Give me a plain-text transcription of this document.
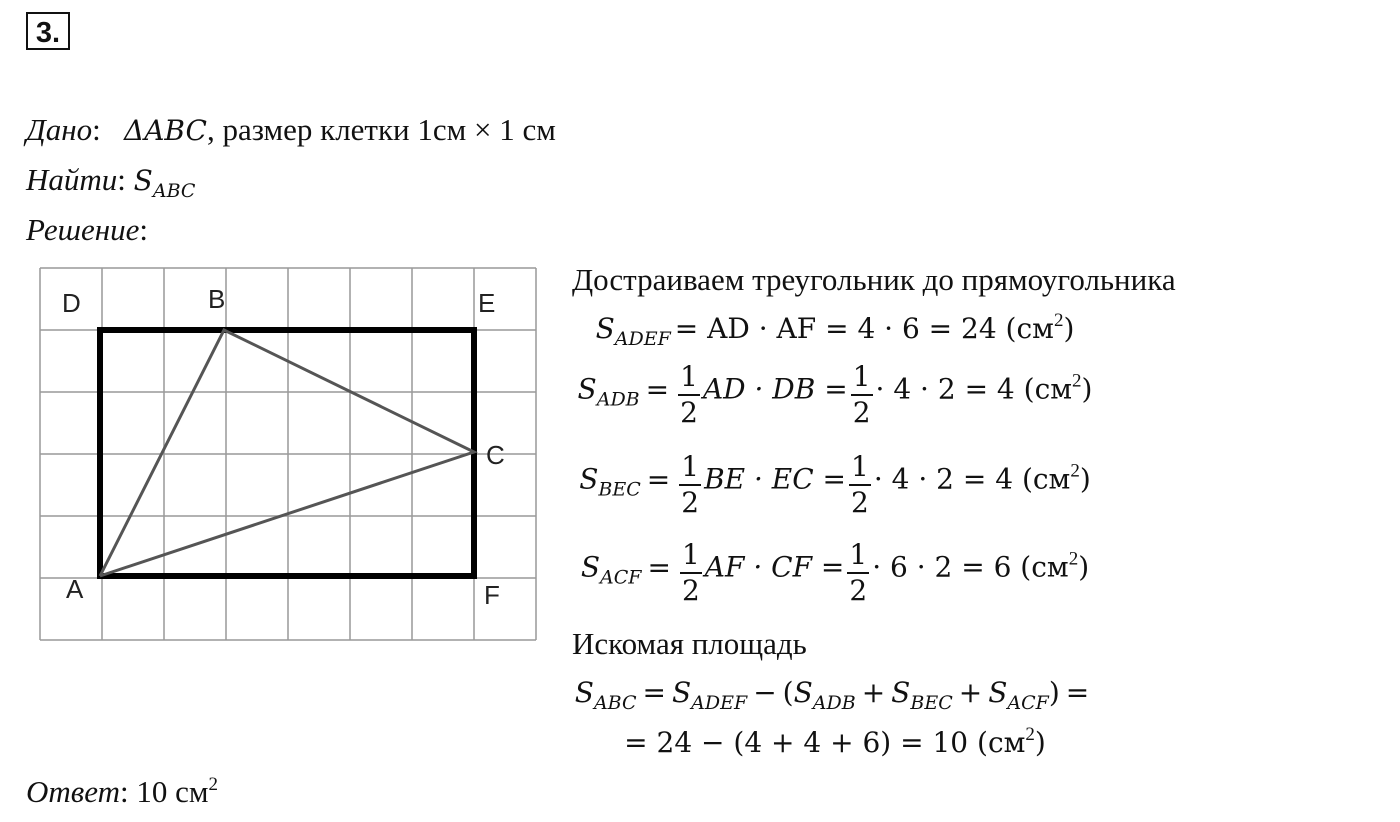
3.
Дано:   ΔABC, размер клетки 1см × 1 см
Найти: $S_{ABC}$
Решение:
D	B	E
C
A	F
Достраиваем треугольник до прямоугольника
SADEF = AD · AF = 4 · 6 = 24 (см2)
SADB = $\frac{1}{2}$ AD · DB = $\frac{1}{2} \cdot 4 \cdot 2 = 4$ (см2)
SBEC = $\frac{1}{2}$ BE · EC = $\frac{1}{2} \cdot 4 \cdot 2 = 4$ (см2)
SACF = $\frac{1}{2}$ AF · CF = $\frac{1}{2} \cdot 6 \cdot 2 = 6$ (см2)
Искомая площадь
SABC = SADEF − (SADB + SBEC + SACF) =
= 24 − (4 + 4 + 6) = 10 (см2)
Ответ: 10 $см^2$
